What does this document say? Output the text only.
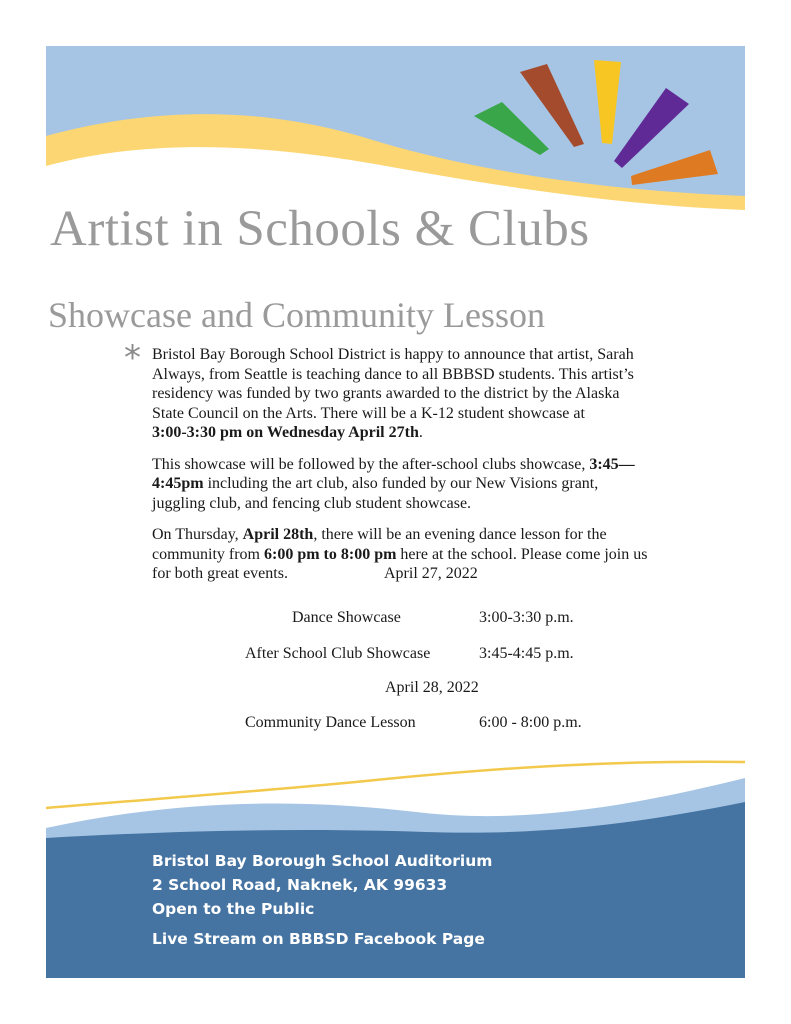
Artist in Schools & Clubs
Showcase and Community Lesson
* Bristol Bay Borough School District is happy to announce that artist, Sarah
Always, from Seattle is teaching dance to all BBBSD students. This artist’s
residency was funded by two grants awarded to the district by the Alaska
State Council on the Arts. There will be a K-12 student showcase at
3:00-3:30 pm on Wednesday April 27th.

This showcase will be followed by the after-school clubs showcase, 3:45—
4:45pm including the art club, also funded by our New Visions grant,
juggling club, and fencing club student showcase.

On Thursday, April 28th, there will be an evening dance lesson for the
community from 6:00 pm to 8:00 pm here at the school. Please come join us
for both great events.	April 27, 2022

Dance Showcase	3:00-3:30 p.m.
After School Club Showcase	3:45-4:45 p.m.
April 28, 2022
Community Dance Lesson	6:00 - 8:00 p.m.
Bristol Bay Borough School Auditorium
2 School Road, Naknek, AK 99633
Open to the Public
Live Stream on BBBSD Facebook Page
